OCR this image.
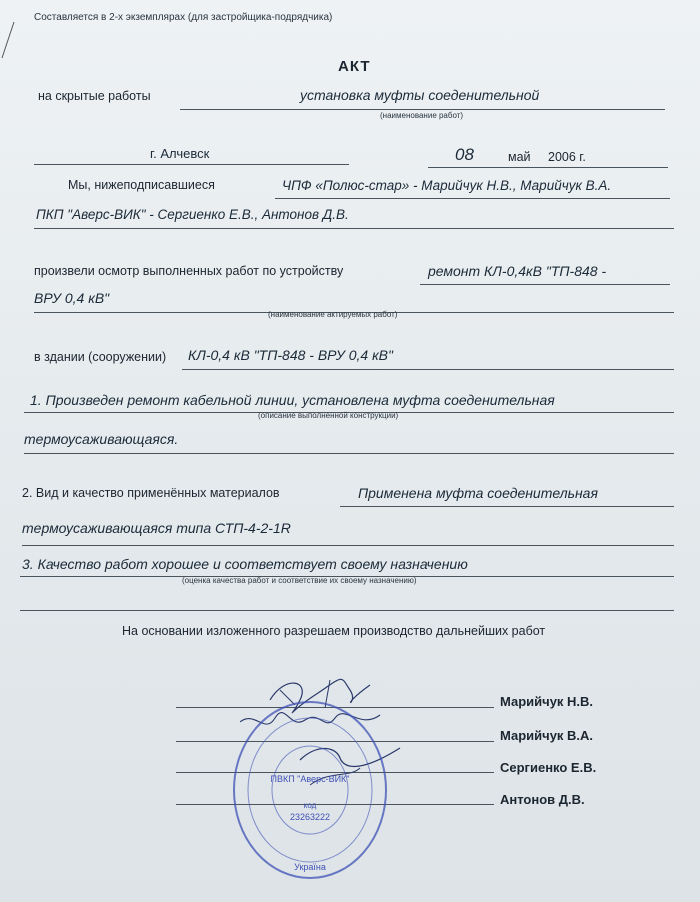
Составляется в 2-х экземплярах (для застройщика-подрядчика)
АКТ
на скрытые работы	установка муфты соеденительной
(наименование работ)
г. Алчевск	08	май 2006 г.
Мы, нижеподписавшиеся	ЧПФ «Полюс-стар» - Марийчук Н.В., Марийчук В.А.
ПКП "Аверс-ВИК" - Сергиенко Е.В., Антонов Д.В.
произвели осмотр выполненных работ по устройству	ремонт КЛ-0,4кВ "ТП-848 -
ВРУ 0,4 кВ"
(наименование актируемых работ)
в здании (сооружении) КЛ-0,4 кВ "ТП-848 - ВРУ 0,4 кВ"
1. Произведен ремонт кабельной линии, установлена муфта соеденительная
(описание выполненной конструкции)
термоусаживающаяся.
2. Вид и качество применённых материалов	Применена муфта соеденительная
термоусаживающаяся типа СТП-4-2-1R
3. Качество работ хорошее и соответствует своему назначению
(оценка качества работ и соответствие их своему назначению)
На основании изложенного разрешаем производство дальнейших работ
Марийчук Н.В.
Марийчук В.А.
Сергиенко Е.В.
Антонов Д.В.
ПВКП "Аверс-ВИК"
код
23263222
Україна
